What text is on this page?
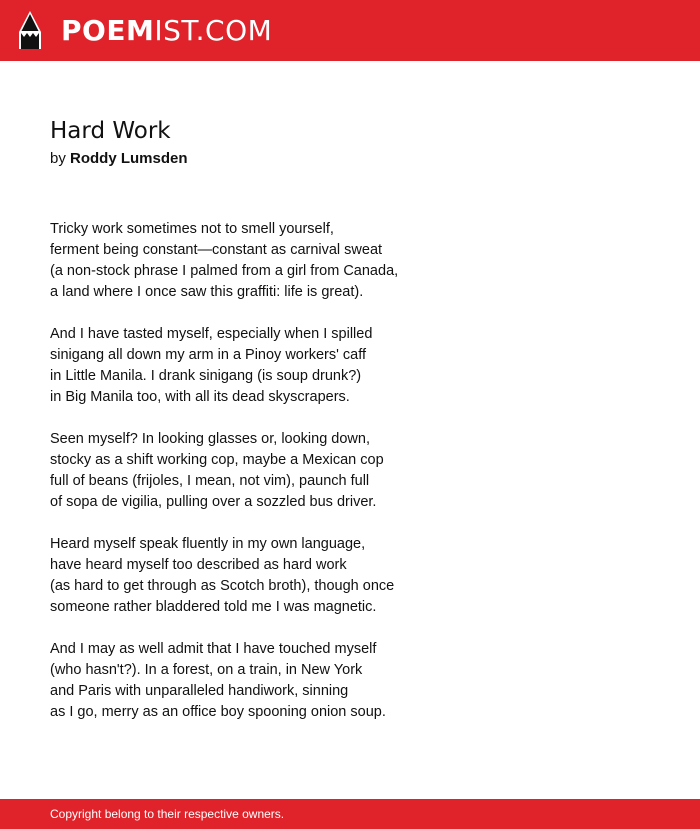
POEMIST.COM
Hard Work
by Roddy Lumsden
Tricky work sometimes not to smell yourself,
ferment being constant—constant as carnival sweat
(a non-stock phrase I palmed from a girl from Canada,
a land where I once saw this graffiti: life is great).
And I have tasted myself, especially when I spilled
sinigang all down my arm in a Pinoy workers' caff
in Little Manila. I drank sinigang (is soup drunk?)
in Big Manila too, with all its dead skyscrapers.
Seen myself? In looking glasses or, looking down,
stocky as a shift working cop, maybe a Mexican cop
full of beans (frijoles, I mean, not vim), paunch full
of sopa de vigilia, pulling over a sozzled bus driver.
Heard myself speak fluently in my own language,
have heard myself too described as hard work
(as hard to get through as Scotch broth), though once
someone rather bladdered told me I was magnetic.
And I may as well admit that I have touched myself
(who hasn't?). In a forest, on a train, in New York
and Paris with unparalleled handiwork, sinning
as I go, merry as an office boy spooning onion soup.
Copyright belong to their respective owners.
